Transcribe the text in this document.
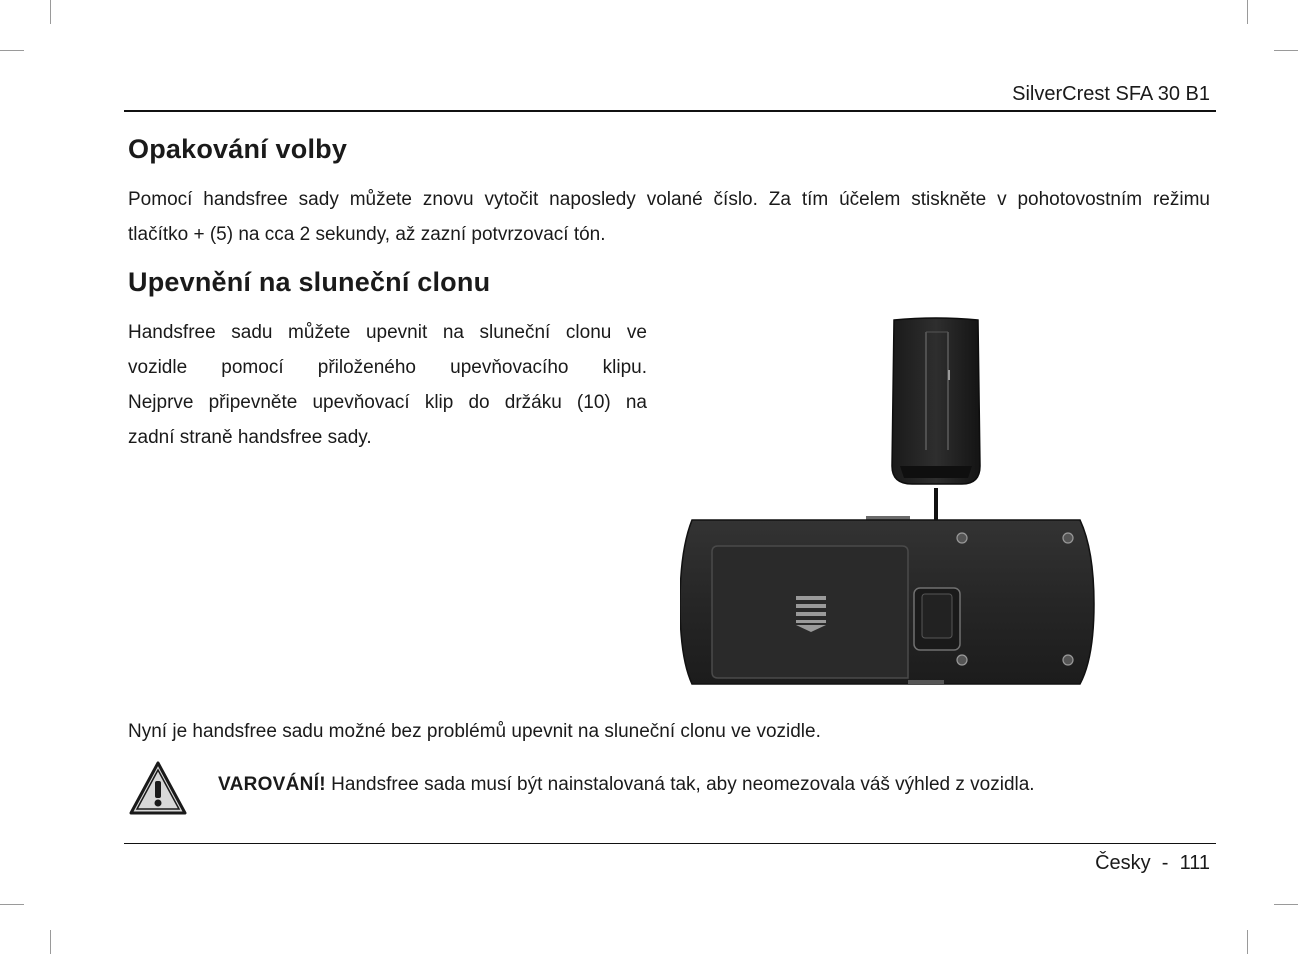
SilverCrest SFA 30 B1
Opakování volby
Pomocí handsfree sady můžete znovu vytočit naposledy volané číslo. Za tím účelem stiskněte v pohotovostním režimu
tlačítko + (5) na cca 2 sekundy, až zazní potvrzovací tón.
Upevnění na sluneční clonu
Handsfree sadu můžete upevnit na sluneční clonu ve
vozidle pomocí přiloženého upevňovacího klipu.
Nejprve připevněte upevňovací klip do držáku (10) na
zadní straně handsfree sady.
Nyní je handsfree sadu možné bez problémů upevnit na sluneční clonu ve vozidle.
VAROVÁNÍ! Handsfree sada musí být nainstalovaná tak, aby neomezovala váš výhled z vozidla.
Česky - 111
